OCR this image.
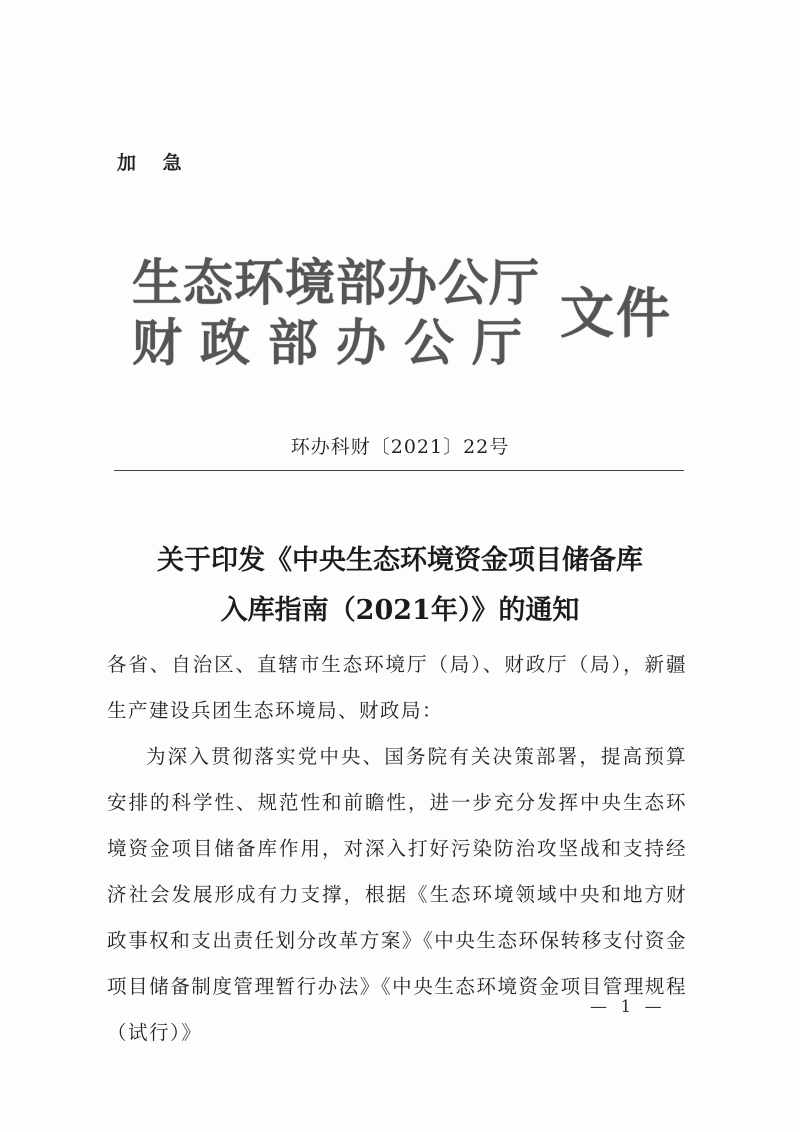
加 急
生态环境部办公厅
财政部办公厅 文件
环办科财〔2021〕22号
关于印发《中央生态环境资金项目储备库
入库指南（2021年）》的通知

各省、自治区、直辖市生态环境厅（局）、财政厅（局），新疆生产建设兵团生态环境局、财政局：

为深入贯彻落实党中央、国务院有关决策部署，提高预算安排的科学性、规范性和前瞻性，进一步充分发挥中央生态环境资金项目储备库作用，对深入打好污染防治攻坚战和支持经济社会发展形成有力支撑，根据《生态环境领域中央和地方财政事权和支出责任划分改革方案》《中央生态环保转移支付资金项目储备制度管理暂行办法》《中央生态环境资金项目管理规程（试行）》

— 1 —
